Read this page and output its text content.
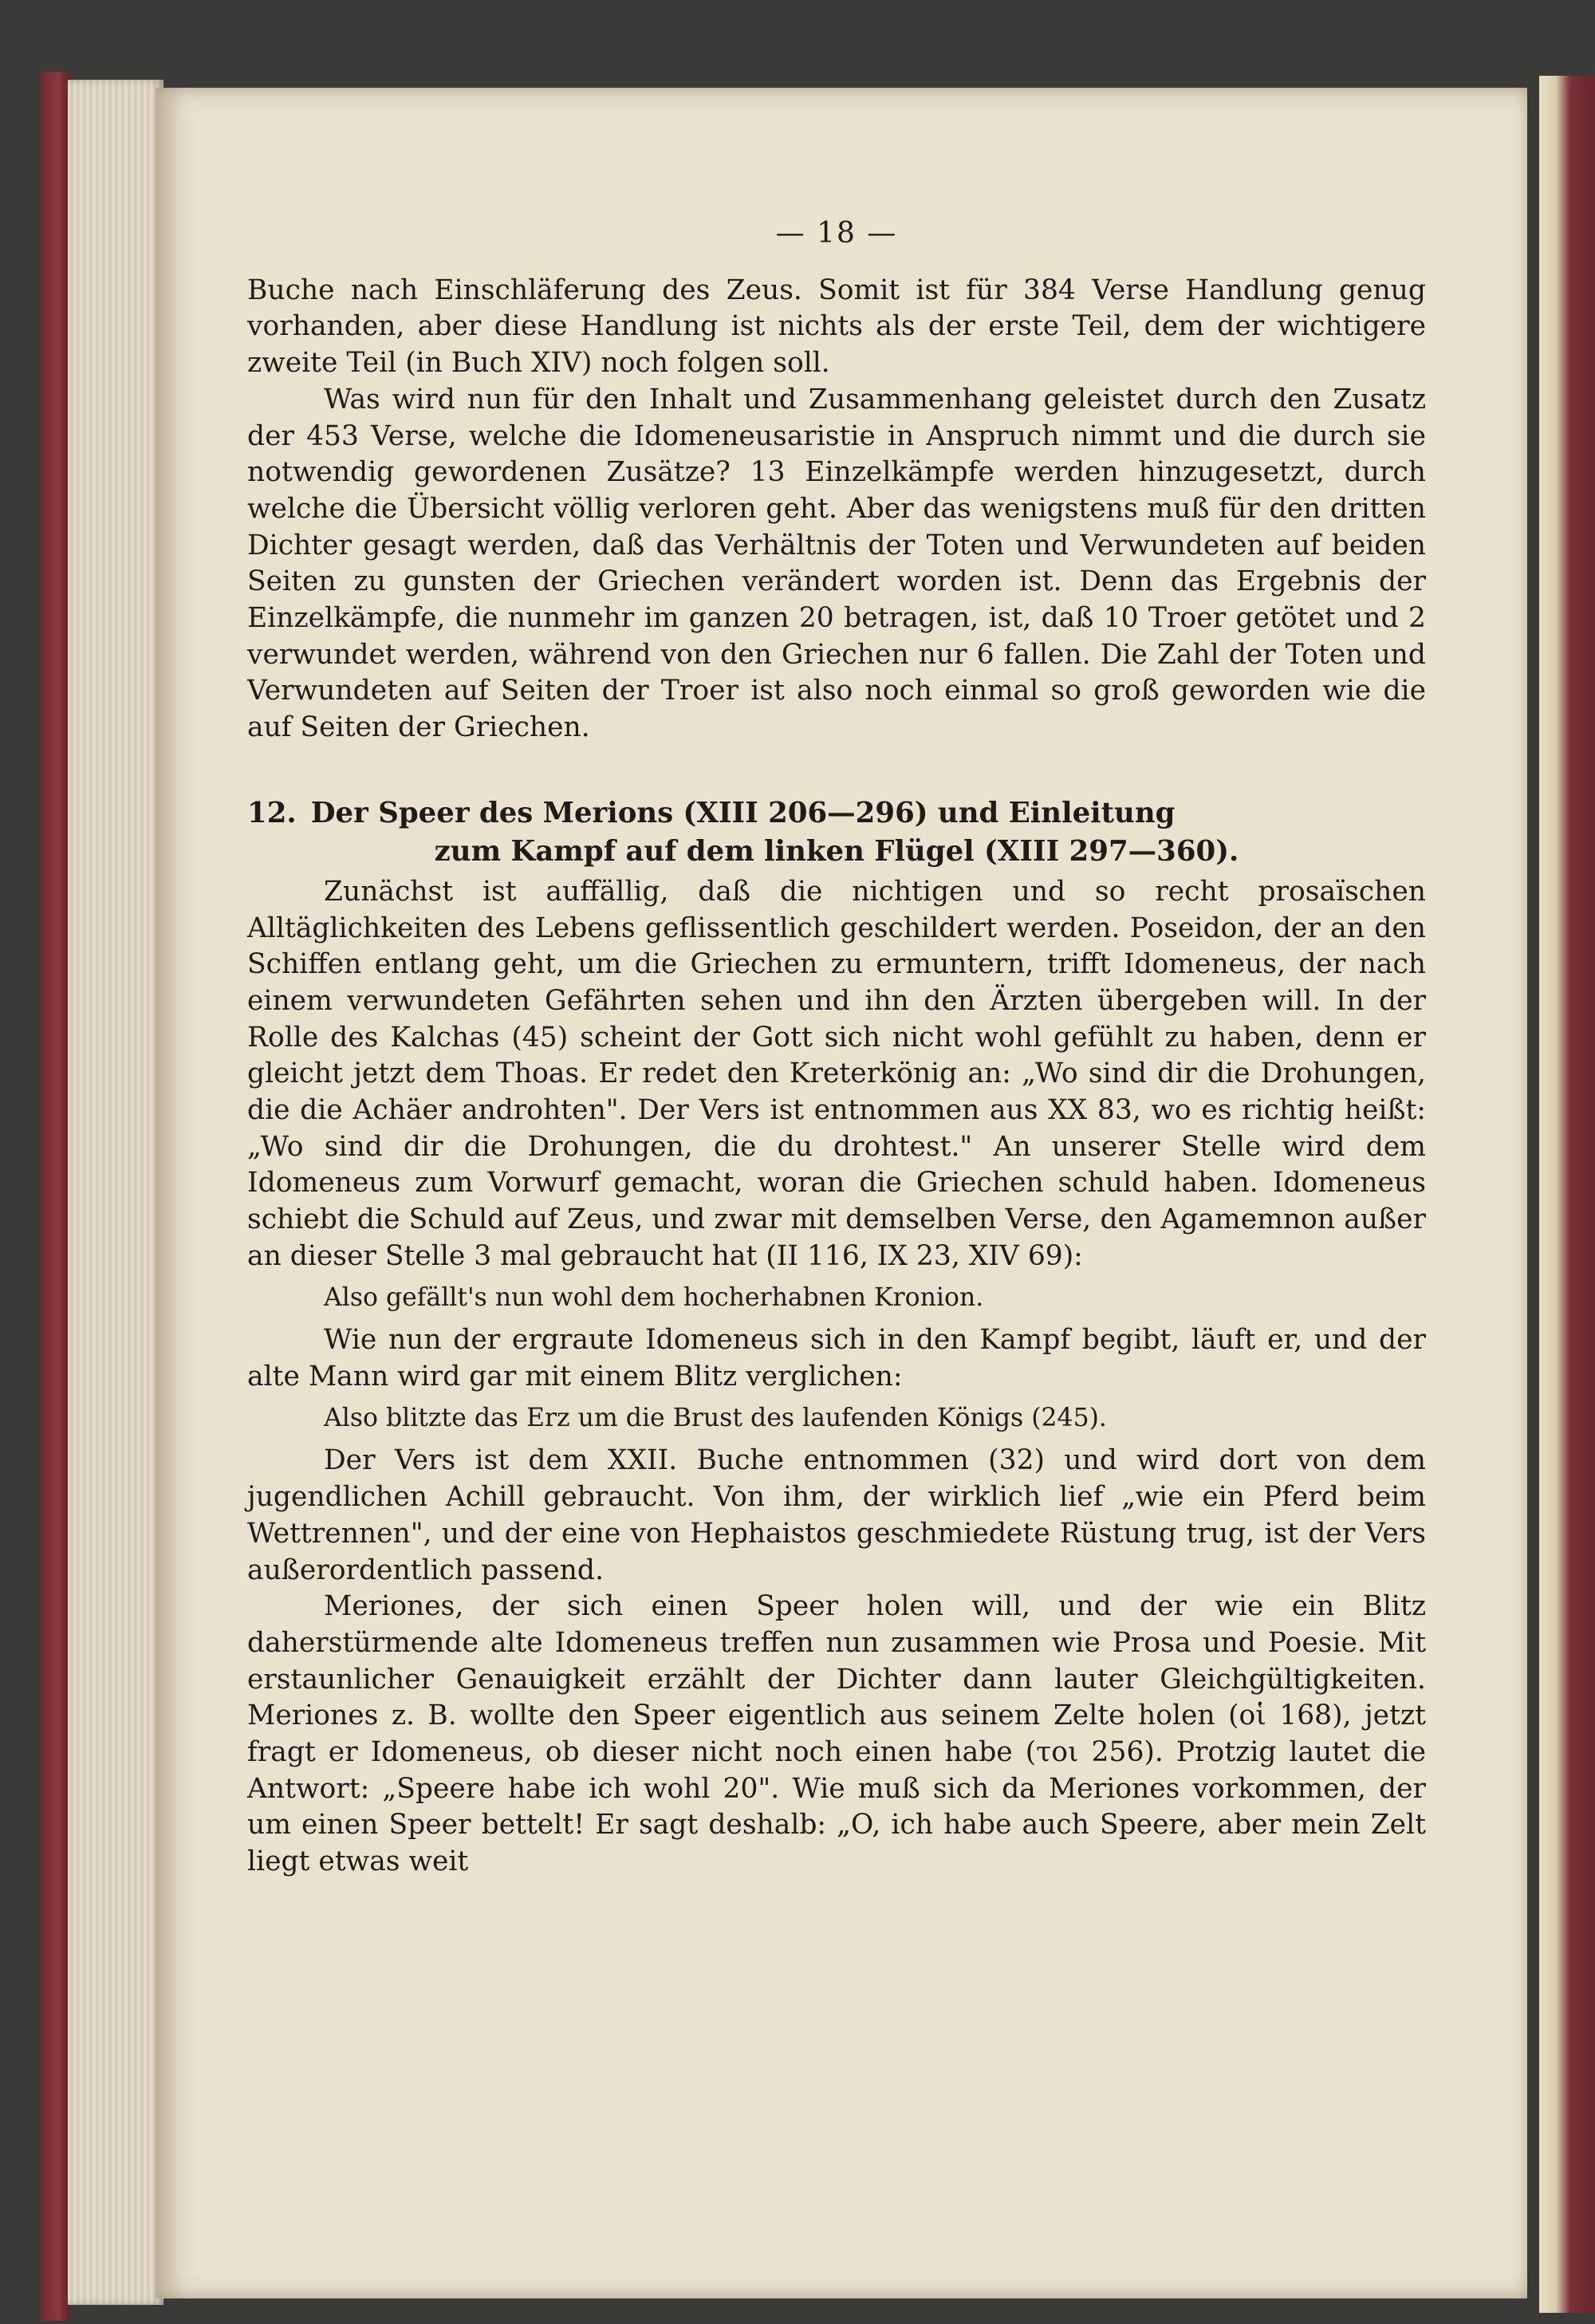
— 18 —

Buche nach Einschläferung des Zeus. Somit ist für 384 Verse Handlung genug vorhanden, aber diese Handlung ist nichts als der erste Teil, dem der wichtigere zweite Teil (in Buch XIV) noch folgen soll.

Was wird nun für den Inhalt und Zusammenhang geleistet durch den Zusatz der 453 Verse, welche die Idomeneusaristie in Anspruch nimmt und die durch sie notwendig gewordenen Zusätze? 13 Einzelkämpfe werden hinzugesetzt, durch welche die Übersicht völlig verloren geht. Aber das wenigstens muß für den dritten Dichter gesagt werden, daß das Verhältnis der Toten und Verwundeten auf beiden Seiten zu gunsten der Griechen verändert worden ist. Denn das Ergebnis der Einzelkämpfe, die nunmehr im ganzen 20 betragen, ist, daß 10 Troer getötet und 2 verwundet werden, während von den Griechen nur 6 fallen. Die Zahl der Toten und Verwundeten auf Seiten der Troer ist also noch einmal so groß geworden wie die auf Seiten der Griechen.

12. Der Speer des Merions (XIII 206—296) und Einleitung
zum Kampf auf dem linken Flügel (XIII 297—360).

Zunächst ist auffällig, daß die nichtigen und so recht prosaïschen Alltäglichkeiten des Lebens geflissentlich geschildert werden. Poseidon, der an den Schiffen entlang geht, um die Griechen zu ermuntern, trifft Idomeneus, der nach einem verwundeten Gefährten sehen und ihn den Ärzten übergeben will. In der Rolle des Kalchas (45) scheint der Gott sich nicht wohl gefühlt zu haben, denn er gleicht jetzt dem Thoas. Er redet den Kreterkönig an: „Wo sind dir die Drohungen, die die Achäer androhten". Der Vers ist entnommen aus XX 83, wo es richtig heißt: „Wo sind dir die Drohungen, die du drohtest." An unserer Stelle wird dem Idomeneus zum Vorwurf gemacht, woran die Griechen schuld haben. Idomeneus schiebt die Schuld auf Zeus, und zwar mit demselben Verse, den Agamemnon außer an dieser Stelle 3 mal gebraucht hat (II 116, IX 23, XIV 69):

Also gefällt's nun wohl dem hocherhabnen Kronion.

Wie nun der ergraute Idomeneus sich in den Kampf begibt, läuft er, und der alte Mann wird gar mit einem Blitz verglichen:

Also blitzte das Erz um die Brust des laufenden Königs (245).

Der Vers ist dem XXII. Buche entnommen (32) und wird dort von dem jugendlichen Achill gebraucht. Von ihm, der wirklich lief „wie ein Pferd beim Wettrennen", und der eine von Hephaistos geschmiedete Rüstung trug, ist der Vers außerordentlich passend.

Meriones, der sich einen Speer holen will, und der wie ein Blitz daherstürmende alte Idomeneus treffen nun zusammen wie Prosa und Poesie. Mit erstaunlicher Genauigkeit erzählt der Dichter dann lauter Gleichgültigkeiten. Meriones z. B. wollte den Speer eigentlich aus seinem Zelte holen (οἱ 168), jetzt fragt er Idomeneus, ob dieser nicht noch einen habe (τοι 256). Protzig lautet die Antwort: „Speere habe ich wohl 20". Wie muß sich da Meriones vorkommen, der um einen Speer bettelt! Er sagt deshalb: „O, ich habe auch Speere, aber mein Zelt liegt etwas weit
